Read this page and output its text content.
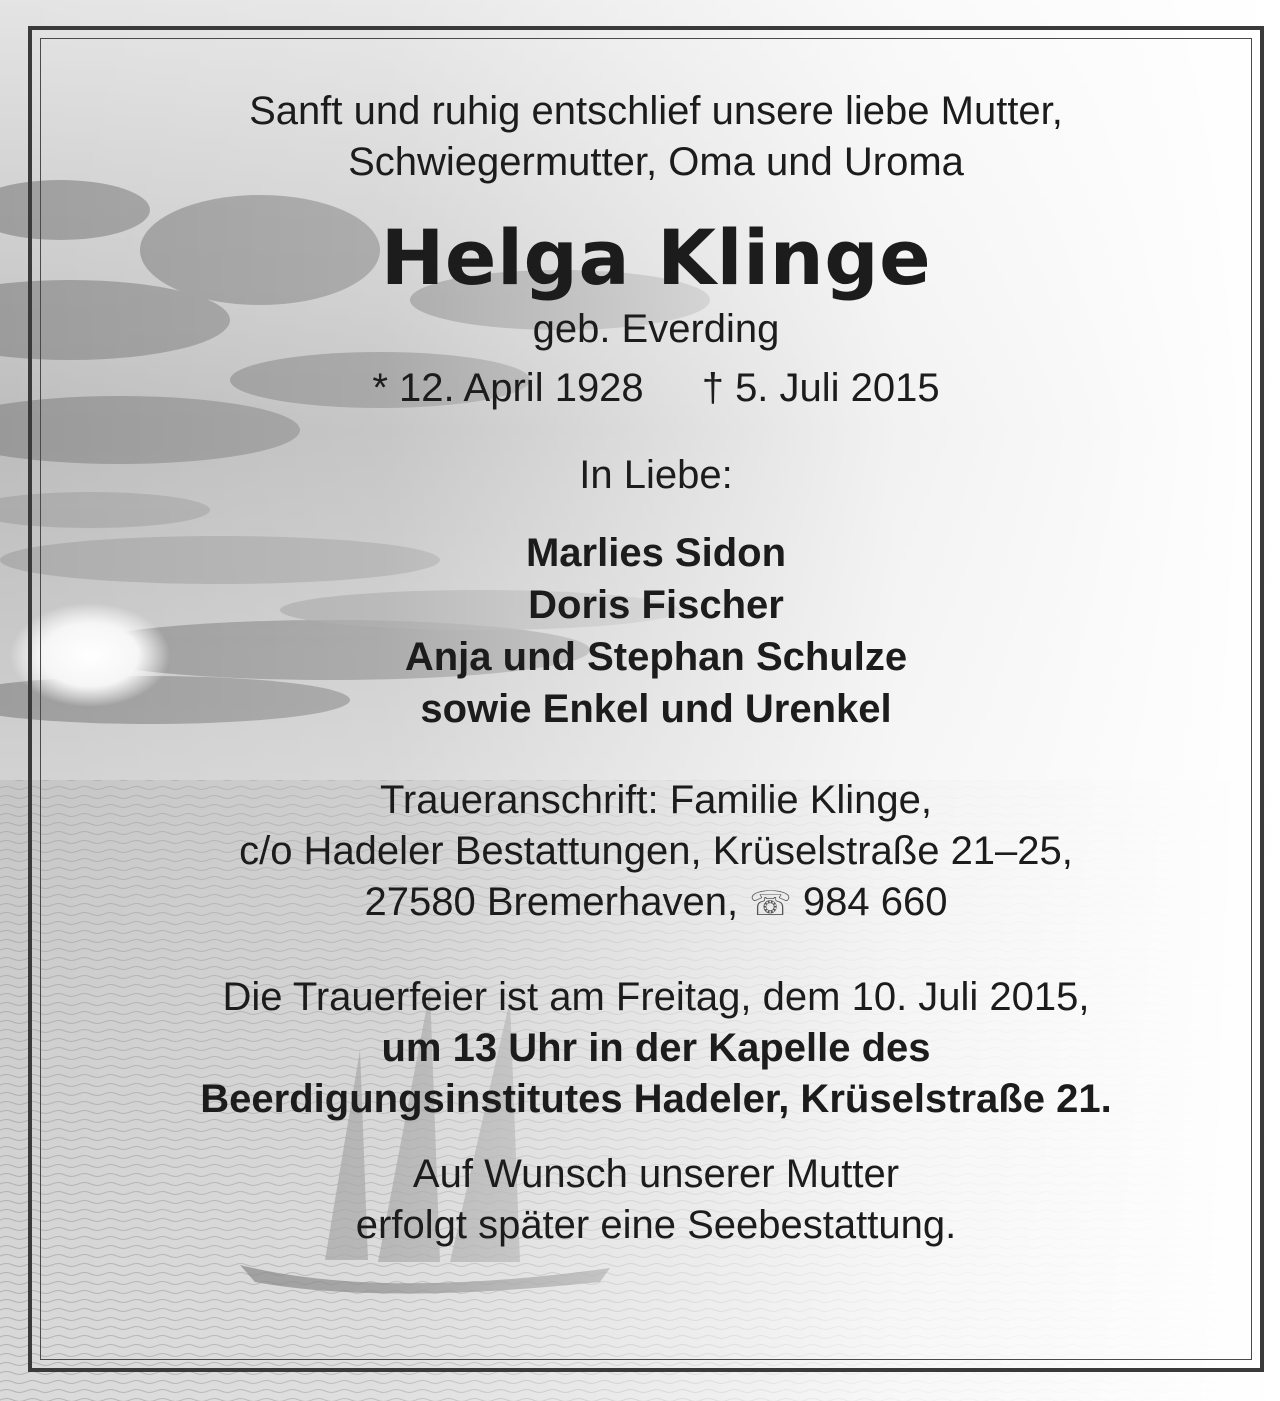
Sanft und ruhig entschlief unsere liebe Mutter,
Schwiegermutter, Oma und Uroma
Helga Klinge
geb. Everding
* 12. April 1928 † 5. Juli 2015
In Liebe:
Marlies Sidon
Doris Fischer
Anja und Stephan Schulze
sowie Enkel und Urenkel
Traueranschrift: Familie Klinge,
c/o Hadeler Bestattungen, Krüselstraße 21–25,
27580 Bremerhaven, ☏ 984 660
Die Trauerfeier ist am Freitag, dem 10. Juli 2015,
um 13 Uhr in der Kapelle des
Beerdigungsinstitutes Hadeler, Krüselstraße 21.
Auf Wunsch unserer Mutter
erfolgt später eine Seebestattung.
